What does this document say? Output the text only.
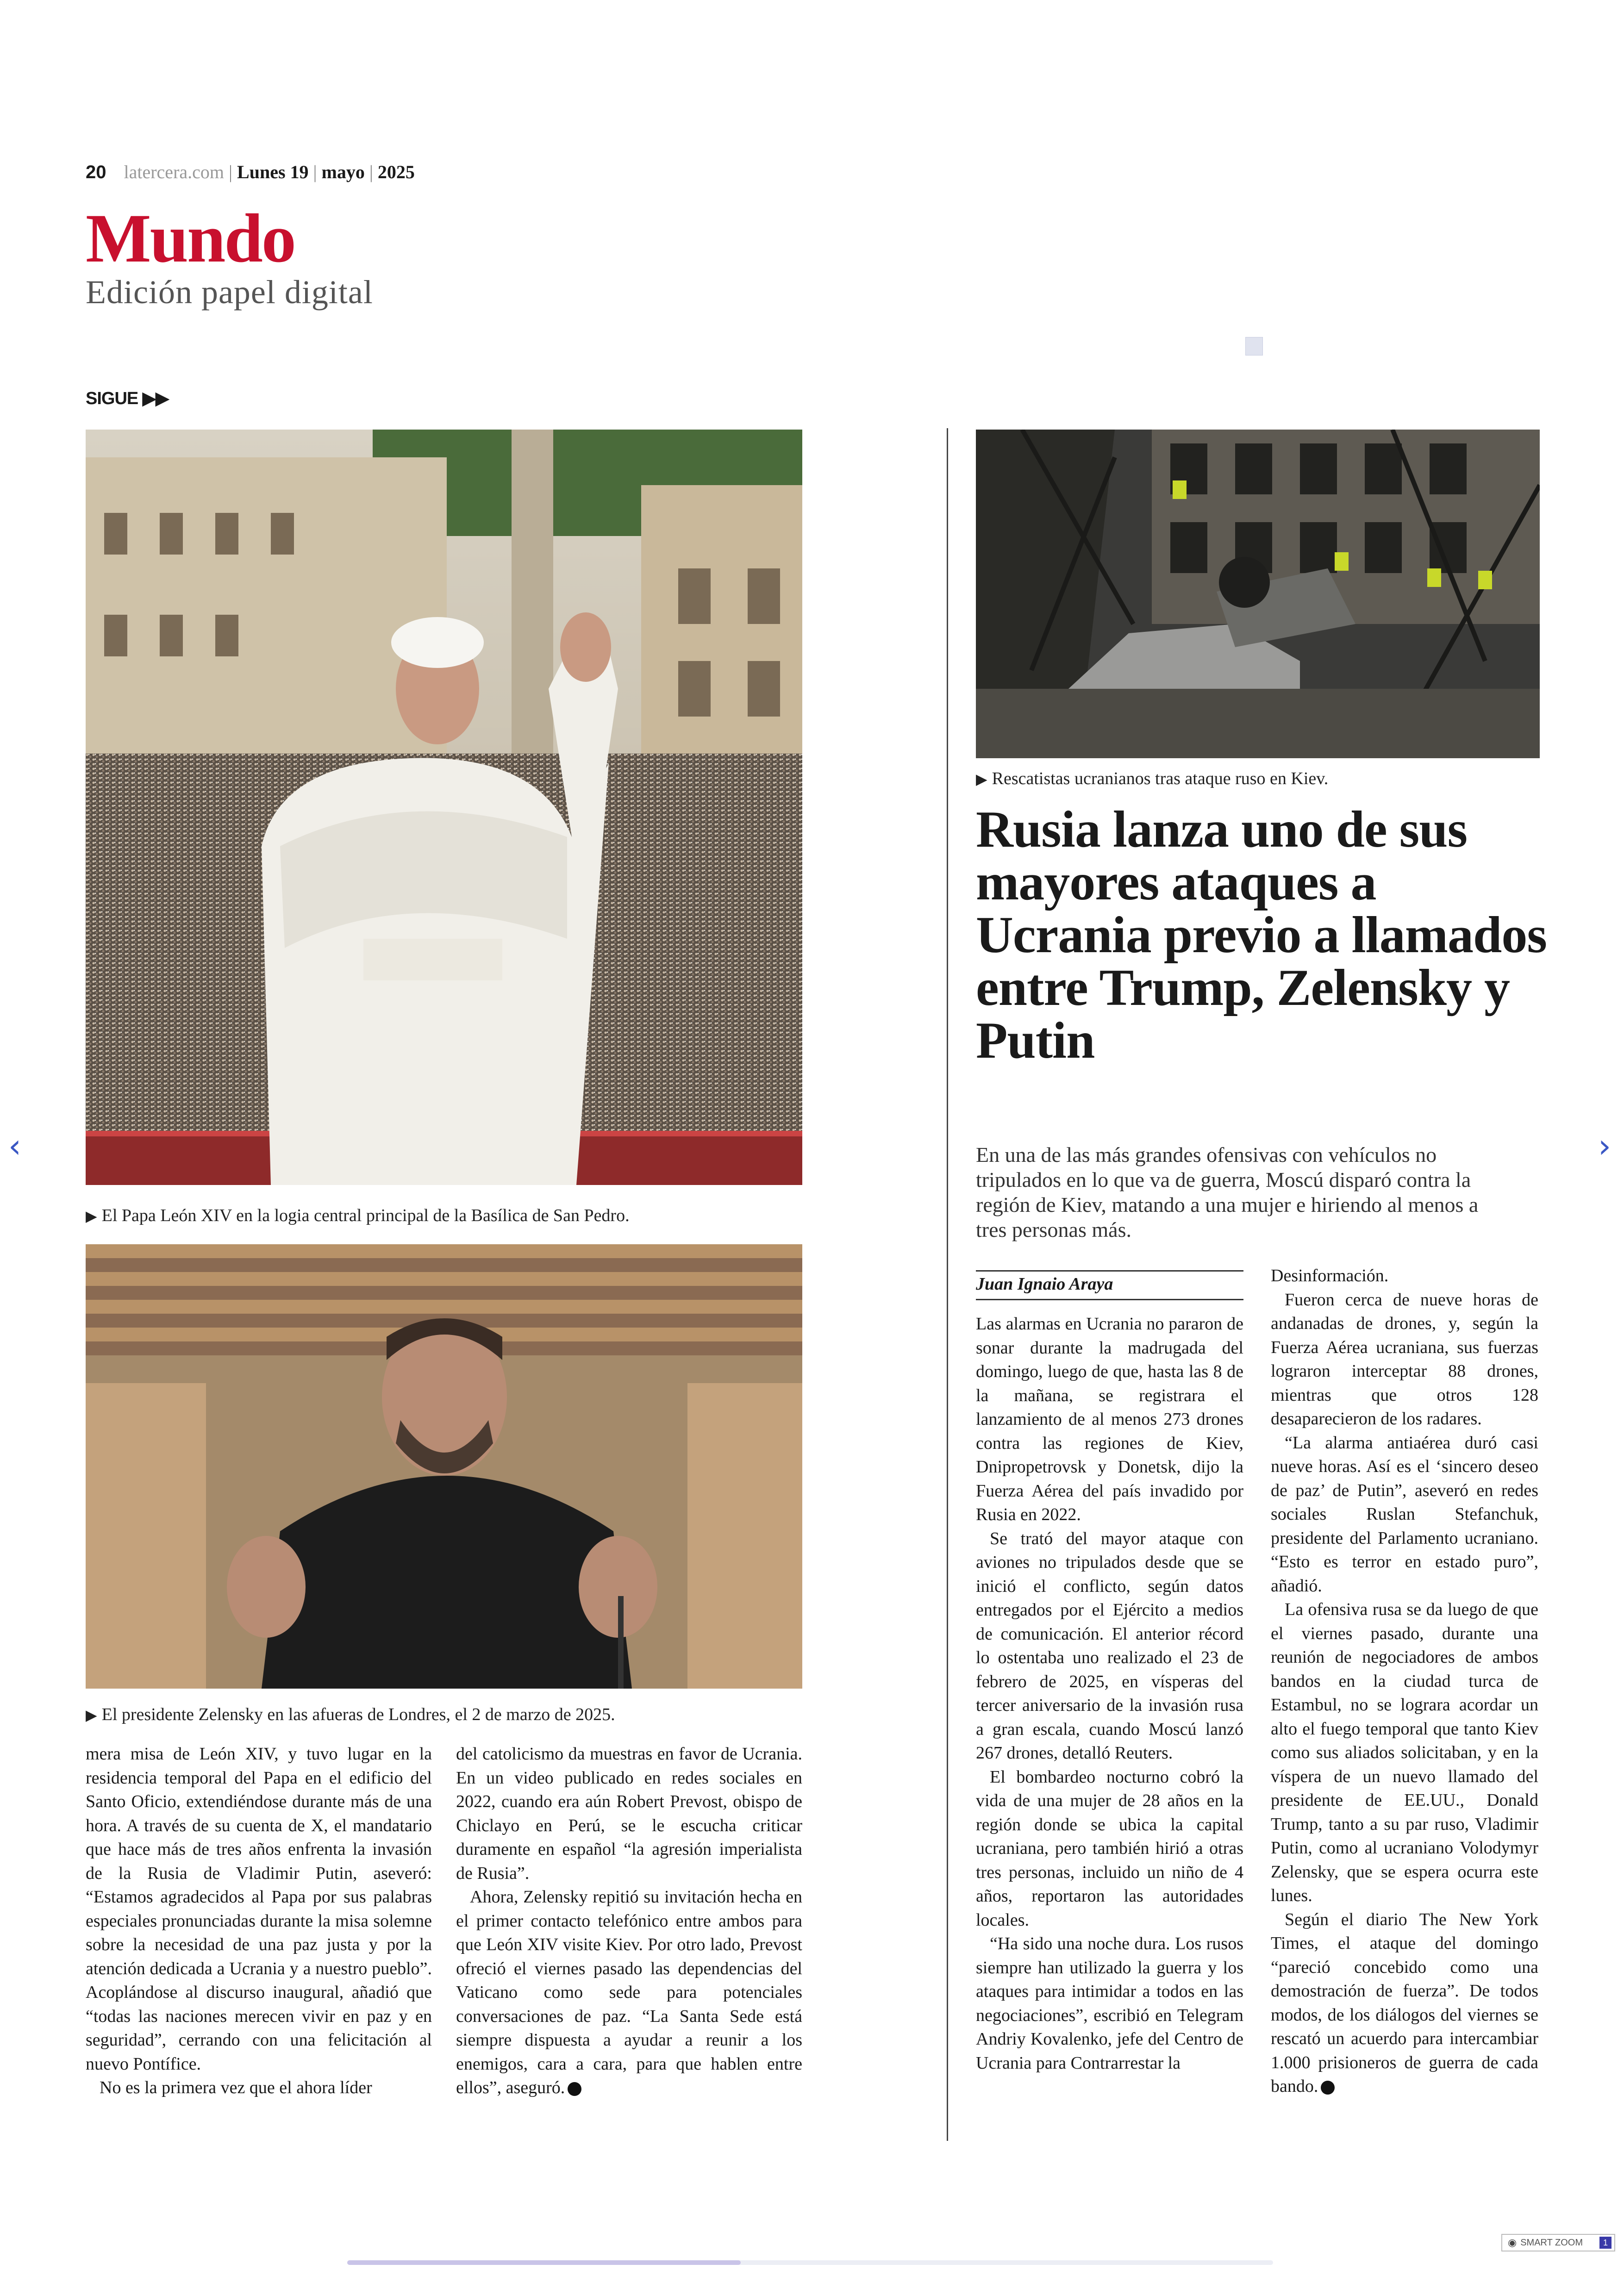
20 latercera.com | Lunes 19 | mayo | 2025
Mundo
Edición papel digital
SIGUE ▶▶
▶ El Papa León XIV en la logia central principal de la Basílica de San Pedro.
▶ El presidente Zelensky en las afueras de Londres, el 2 de marzo de 2025.

mera misa de León XIV, y tuvo lugar en la residencia temporal del Papa en el edificio del Santo Oficio, extendiéndose durante más de una hora. A través de su cuenta de X, el mandatario que hace más de tres años enfrenta la invasión de la Rusia de Vladimir Putin, aseveró: “Estamos agradecidos al Papa por sus palabras especiales pronunciadas durante la misa solemne sobre la necesidad de una paz justa y por la atención dedicada a Ucrania y a nuestro pueblo”. Acoplándose al discurso inaugural, añadió que “todas las naciones merecen vivir en paz y en seguridad”, cerrando con una felicitación al nuevo Pontífice.

No es la primera vez que el ahora líder

del catolicismo da muestras en favor de Ucrania. En un video publicado en redes sociales en 2022, cuando era aún Robert Prevost, obispo de Chiclayo en Perú, se le escucha criticar duramente en español “la agresión imperialista de Rusia”.

Ahora, Zelensky repitió su invitación hecha en el primer contacto telefónico entre ambos para que León XIV visite Kiev. Por otro lado, Prevost ofreció el viernes pasado las dependencias del Vaticano como sede para potenciales conversaciones de paz. “La Santa Sede está siempre dispuesta a ayudar a reunir a los enemigos, cara a cara, para que hablen entre ellos”, aseguró.

▶ Rescatistas ucranianos tras ataque ruso en Kiev.
Rusia lanza uno de sus mayores ataques a Ucrania previo a llamados entre Trump, Zelensky y Putin
En una de las más grandes ofensivas con vehículos no tripulados en lo que va de guerra, Moscú disparó contra la región de Kiev, matando a una mujer e hiriendo al menos a tres personas más.
Juan Ignaio Araya

Las alarmas en Ucrania no pararon de sonar durante la madrugada del domingo, luego de que, hasta las 8 de la mañana, se registrara el lanzamiento de al menos 273 drones contra las regiones de Kiev, Dnipropetrovsk y Donetsk, dijo la Fuerza Aérea del país invadido por Rusia en 2022.

Se trató del mayor ataque con aviones no tripulados desde que se inició el conflicto, según datos entregados por el Ejército a medios de comunicación. El anterior récord lo ostentaba uno realizado el 23 de febrero de 2025, en vísperas del tercer aniversario de la invasión rusa a gran escala, cuando Moscú lanzó 267 drones, detalló Reuters.

El bombardeo nocturno cobró la vida de una mujer de 28 años en la región donde se ubica la capital ucraniana, pero también hirió a otras tres personas, incluido un niño de 4 años, reportaron las autoridades locales.

“Ha sido una noche dura. Los rusos siempre han utilizado la guerra y los ataques para intimidar a todos en las negociaciones”, escribió en Telegram Andriy Kovalenko, jefe del Centro de Ucrania para Contrarrestar la

Desinformación.

Fueron cerca de nueve horas de andanadas de drones, y, según la Fuerza Aérea ucraniana, sus fuerzas lograron interceptar 88 drones, mientras que otros 128 desaparecieron de los radares.

“La alarma antiaérea duró casi nueve horas. Así es el ‘sincero deseo de paz’ de Putin”, aseveró en redes sociales Ruslan Stefanchuk, presidente del Parlamento ucraniano. “Esto es terror en estado puro”, añadió.

La ofensiva rusa se da luego de que el viernes pasado, durante una reunión de negociadores de ambos bandos en la ciudad turca de Estambul, no se lograra acordar un alto el fuego temporal que tanto Kiev como sus aliados solicitaban, y en la víspera de un nuevo llamado del presidente de EE.UU., Donald Trump, tanto a su par ruso, Vladimir Putin, como al ucraniano Volodymyr Zelensky, que se espera ocurra este lunes.

Según el diario The New York Times, el ataque del domingo “pareció concebido como una demostración de fuerza”. De todos modos, de los diálogos del viernes se rescató un acuerdo para intercambiar 1.000 prisioneros de guerra de cada bando.

‹	›
◉ SMART ZOOM	1
